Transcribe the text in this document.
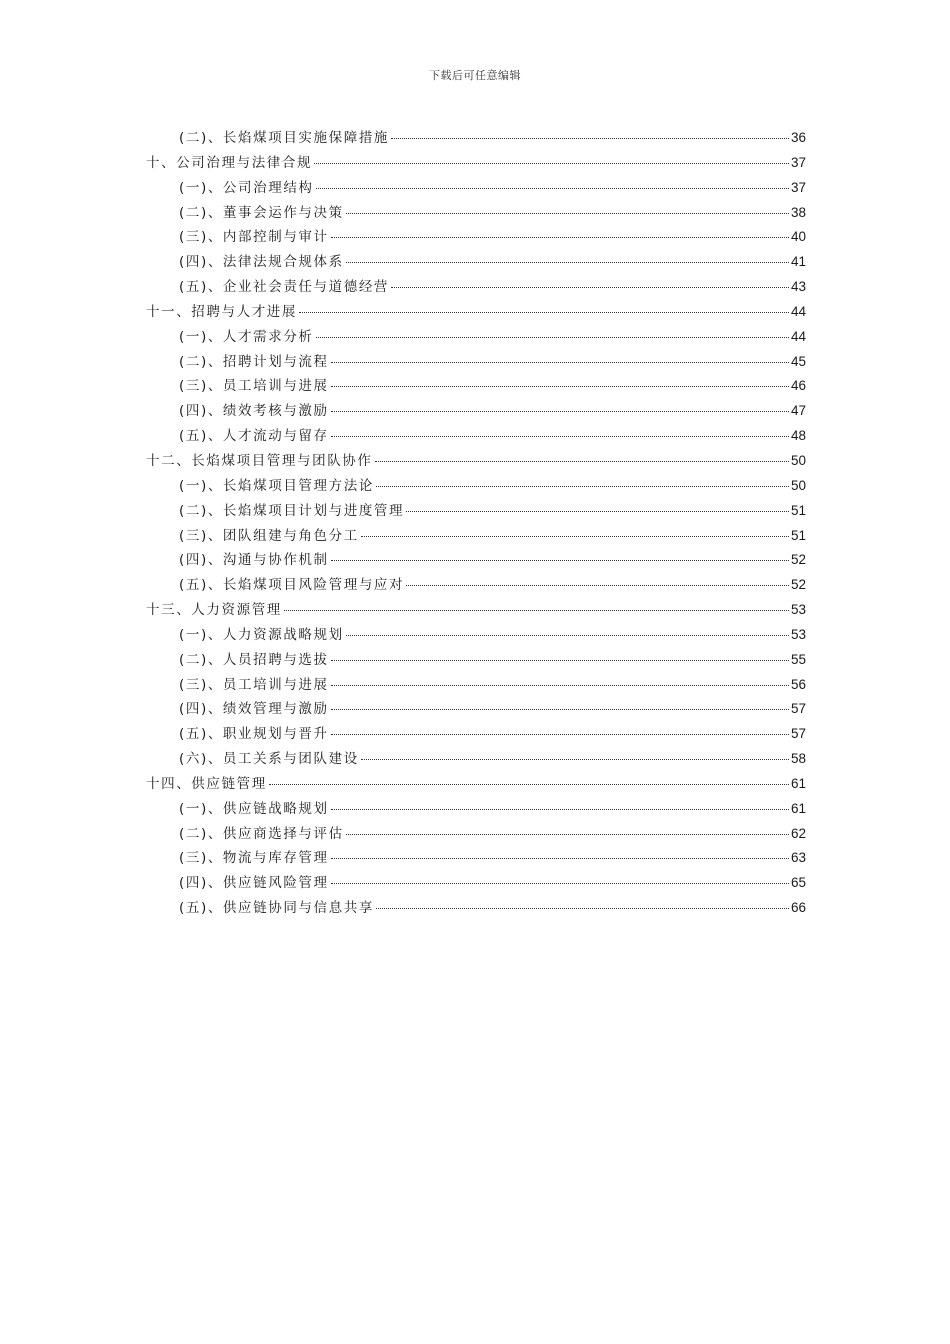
下载后可任意编辑
(二)、长焰煤项目实施保障措施	36
十、公司治理与法律合规	37
(一)、公司治理结构	37
(二)、董事会运作与决策	38
(三)、内部控制与审计	40
(四)、法律法规合规体系	41
(五)、企业社会责任与道德经营	43
十一、招聘与人才进展	44
(一)、人才需求分析	44
(二)、招聘计划与流程	45
(三)、员工培训与进展	46
(四)、绩效考核与激励	47
(五)、人才流动与留存	48
十二、长焰煤项目管理与团队协作	50
(一)、长焰煤项目管理方法论	50
(二)、长焰煤项目计划与进度管理	51
(三)、团队组建与角色分工	51
(四)、沟通与协作机制	52
(五)、长焰煤项目风险管理与应对	52
十三、人力资源管理	53
(一)、人力资源战略规划	53
(二)、人员招聘与选拔	55
(三)、员工培训与进展	56
(四)、绩效管理与激励	57
(五)、职业规划与晋升	57
(六)、员工关系与团队建设	58
十四、供应链管理	61
(一)、供应链战略规划	61
(二)、供应商选择与评估	62
(三)、物流与库存管理	63
(四)、供应链风险管理	65
(五)、供应链协同与信息共享	66
